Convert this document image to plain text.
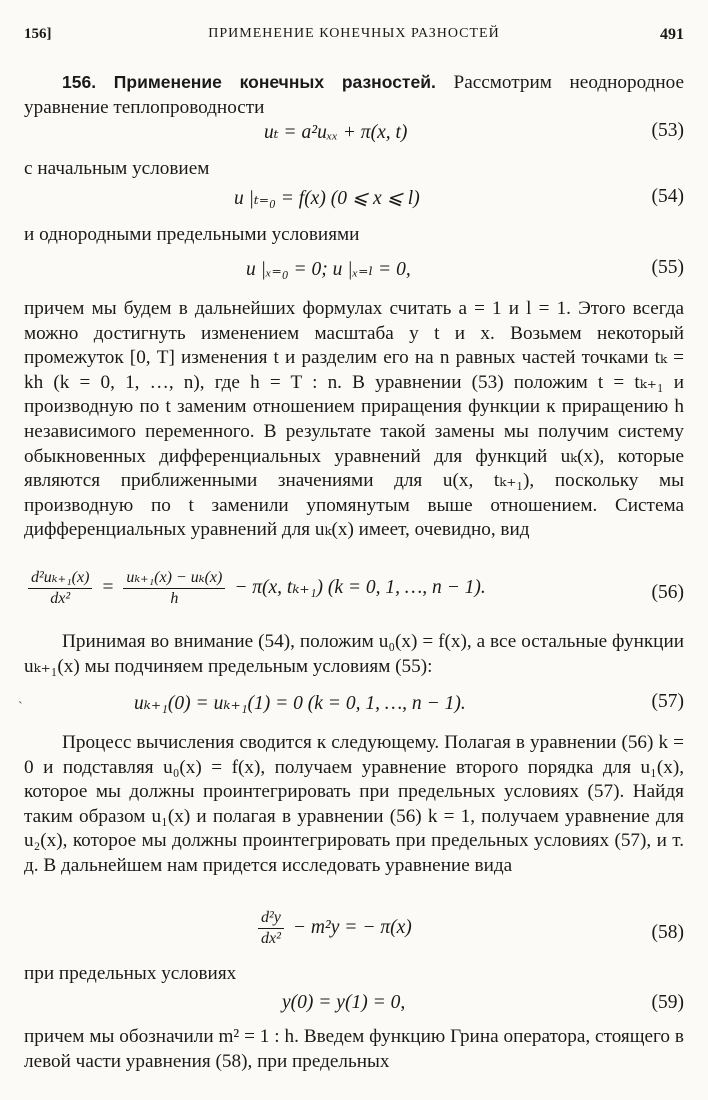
156]	ПРИМЕНЕНИЕ КОНЕЧНЫХ РАЗНОСТЕЙ	491
156. Применение конечных разностей. Рассмотрим неоднородное уравнение теплопроводности
uₜ = a²uₓₓ + π(x, t)	(53)
с начальным условием
u |ₜ₌₀ = f(x) (0 ⩽ x ⩽ l)	(54)
и однородными предельными условиями
u |ₓ₌₀ = 0; u |ₓ₌ₗ = 0,	(55)
причем мы будем в дальнейших формулах считать a = 1 и l = 1. Этого всегда можно достигнуть изменением масштаба у t и x. Возьмем некоторый промежуток [0, T] изменения t и разделим его на n равных частей точками tₖ = kh (k = 0, 1, …, n), где h = T : n. В уравнении (53) положим t = tₖ₊₁ и производную по t заменим отношением приращения функции к приращению h независимого переменного. В результате такой замены мы получим систему обыкновенных дифференциальных уравнений для функций uₖ(x), которые являются приближенными значениями для u(x, tₖ₊₁), поскольку мы производную по t заменили упомянутым выше отношением. Система дифференциальных уравнений для uₖ(x) имеет, очевидно, вид
$\frac{\text{d²uₖ₊₁(x)}}{\text{dx²}} = \frac{\text{uₖ₊₁(x) − uₖ(x)}}{h} - \pi(x$, tₖ₊₁) (k = 0, 1, …, n − 1).	(56)
Принимая во внимание (54), положим u₀(x) = f(x), а все остальные функции uₖ₊₁(x) мы подчиняем предельным условиям (55):
ˋ	uₖ₊₁(0) = uₖ₊₁(1) = 0 (k = 0, 1, …, n − 1).	(57)
Процесс вычисления сводится к следующему. Полагая в уравнении (56) k = 0 и подставляя u₀(x) = f(x), получаем уравнение второго порядка для u₁(x), которое мы должны проинтегрировать при предельных условиях (57). Найдя таким образом u₁(x) и полагая в уравнении (56) k = 1, получаем уравнение для u₂(x), которое мы должны проинтегрировать при предельных условиях (57), и т. д. В дальнейшем нам придется исследовать уравнение вида
$\frac{\text{d²y}}{\text{dx²}} - m^2y$ = − π(x)	(58)
при предельных условиях
y(0) = y(1) = 0,	(59)
причем мы обозначили m² = 1 : h. Введем функцию Грина оператора, стоящего в левой части уравнения (58), при предельных
